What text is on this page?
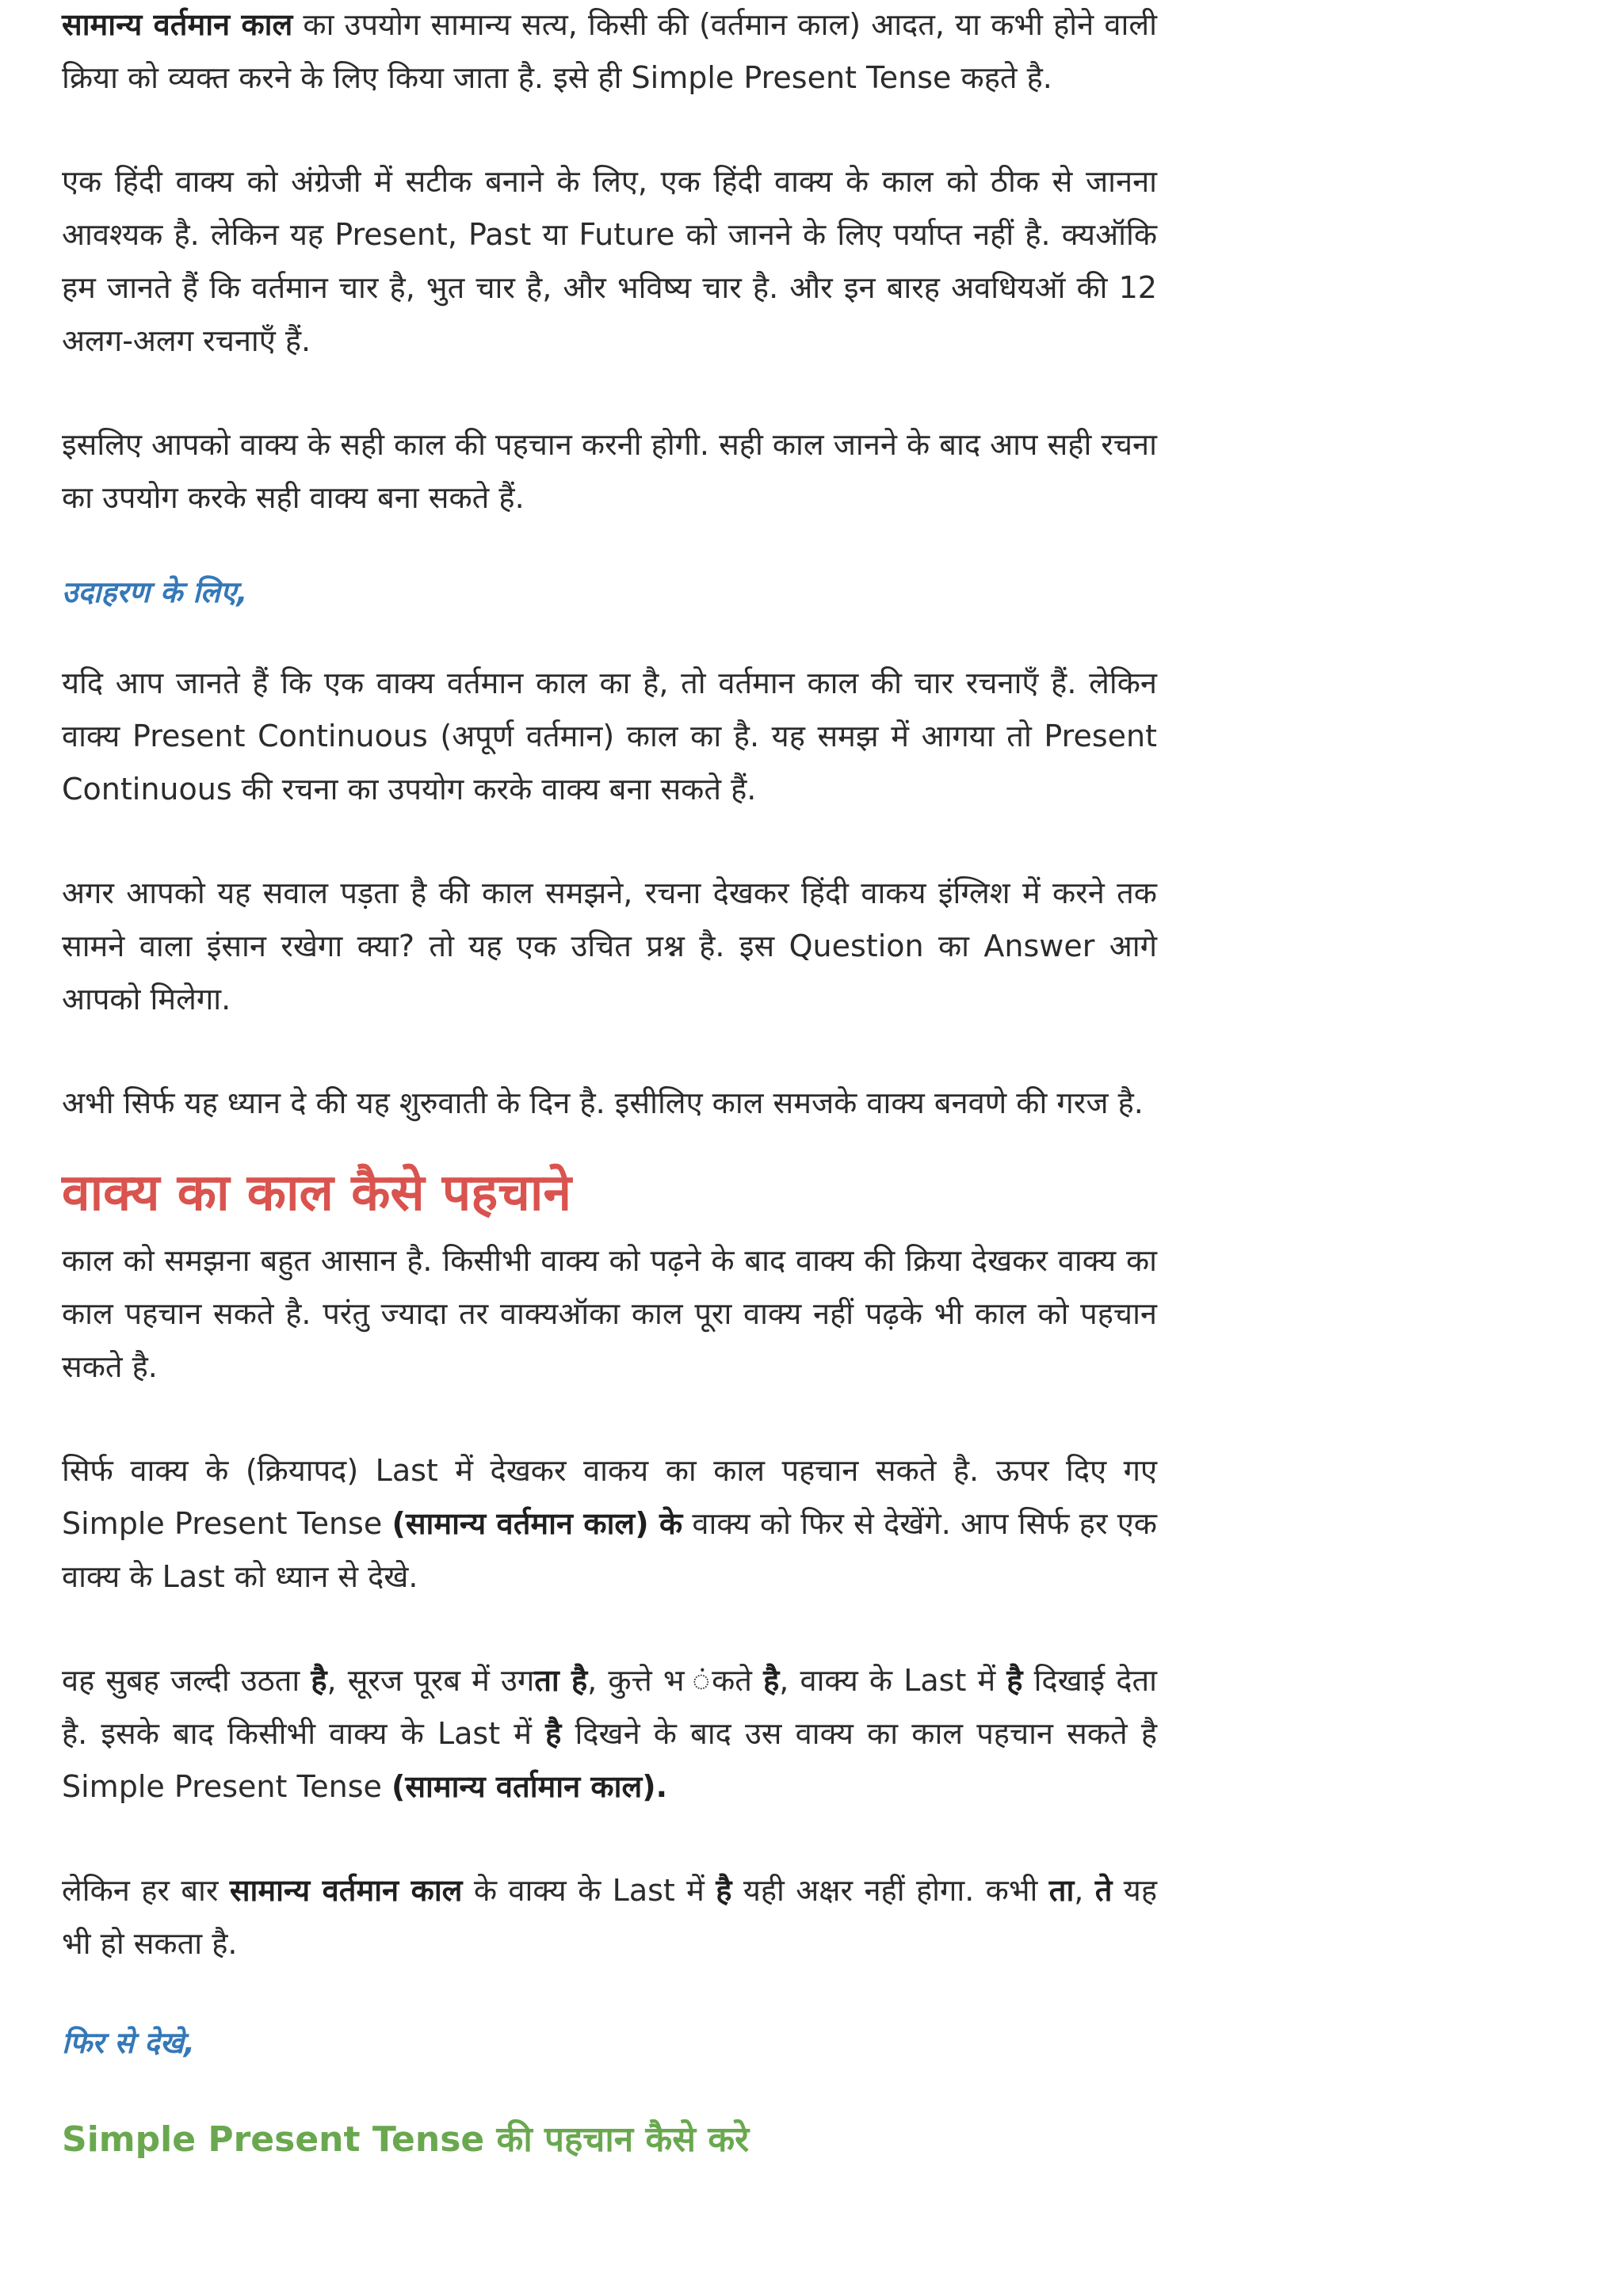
सामान्य वर्तमान काल का उपयोग सामान्य सत्य, किसी की (वर्तमान काल) आदत, या कभी होने वाली क्रिया को व्यक्त करने के लिए किया जाता है. इसे ही Simple Present Tense कहते है.

एक हिंदी वाक्य को अंग्रेजी में सटीक बनाने के लिए, एक हिंदी वाक्य के काल को ठीक से जानना आवश्यक है. लेकिन यह Present, Past या Future को जानने के लिए पर्याप्त नहीं है. क्यऑकि हम जानते हैं कि वर्तमान चार है, भुत चार है, और भविष्य चार है. और इन बारह अवधियऑ की 12 अलग-अलग रचनाएँ हैं.

इसलिए आपको वाक्य के सही काल की पहचान करनी होगी. सही काल जानने के बाद आप सही रचना का उपयोग करके सही वाक्य बना सकते हैं.

उदाहरण के लिए,

यदि आप जानते हैं कि एक वाक्य वर्तमान काल का है, तो वर्तमान काल की चार रचनाएँ हैं. लेकिन वाक्य Present Continuous (अपूर्ण वर्तमान) काल का है. यह समझ में आगया तो Present Continuous की रचना का उपयोग करके वाक्य बना सकते हैं.

अगर आपको यह सवाल पड़ता है की काल समझने, रचना देखकर हिंदी वाकय इंग्लिश में करने तक सामने वाला इंसान रखेगा क्या? तो यह एक उचित प्रश्न है. इस Question का Answer आगे आपको मिलेगा.

अभी सिर्फ यह ध्यान दे की यह शुरुवाती के दिन है. इसीलिए काल समजके वाक्य बनवणे की गरज है.

वाक्य का काल कैसे पहचाने

काल को समझना बहुत आसान है. किसीभी वाक्य को पढ़ने के बाद वाक्य की क्रिया देखकर वाक्य का काल पहचान सकते है. परंतु ज्यादा तर वाक्यऑका काल पूरा वाक्य नहीं पढ़के भी काल को पहचान सकते है.

सिर्फ वाक्य के (क्रियापद) Last में देखकर वाकय का काल पहचान सकते है. ऊपर दिए गए Simple Present Tense (सामान्य वर्तमान काल) के वाक्य को फिर से देखेंगे. आप सिर्फ हर एक वाक्य के Last को ध्यान से देखे.

वह सुबह जल्दी उठता है, सूरज पूरब में उगता है, कुत्ते भ ंकते है, वाक्य के Last में है दिखाई देता है. इसके बाद किसीभी वाक्य के Last में है दिखने के बाद उस वाक्य का काल पहचान सकते है Simple Present Tense (सामान्य वर्तामान काल).

लेकिन हर बार सामान्य वर्तमान काल के वाक्य के Last में है यही अक्षर नहीं होगा. कभी ता, ते यह भी हो सकता है.

फिर से देखे,

Simple Present Tense की पहचान कैसे करे
